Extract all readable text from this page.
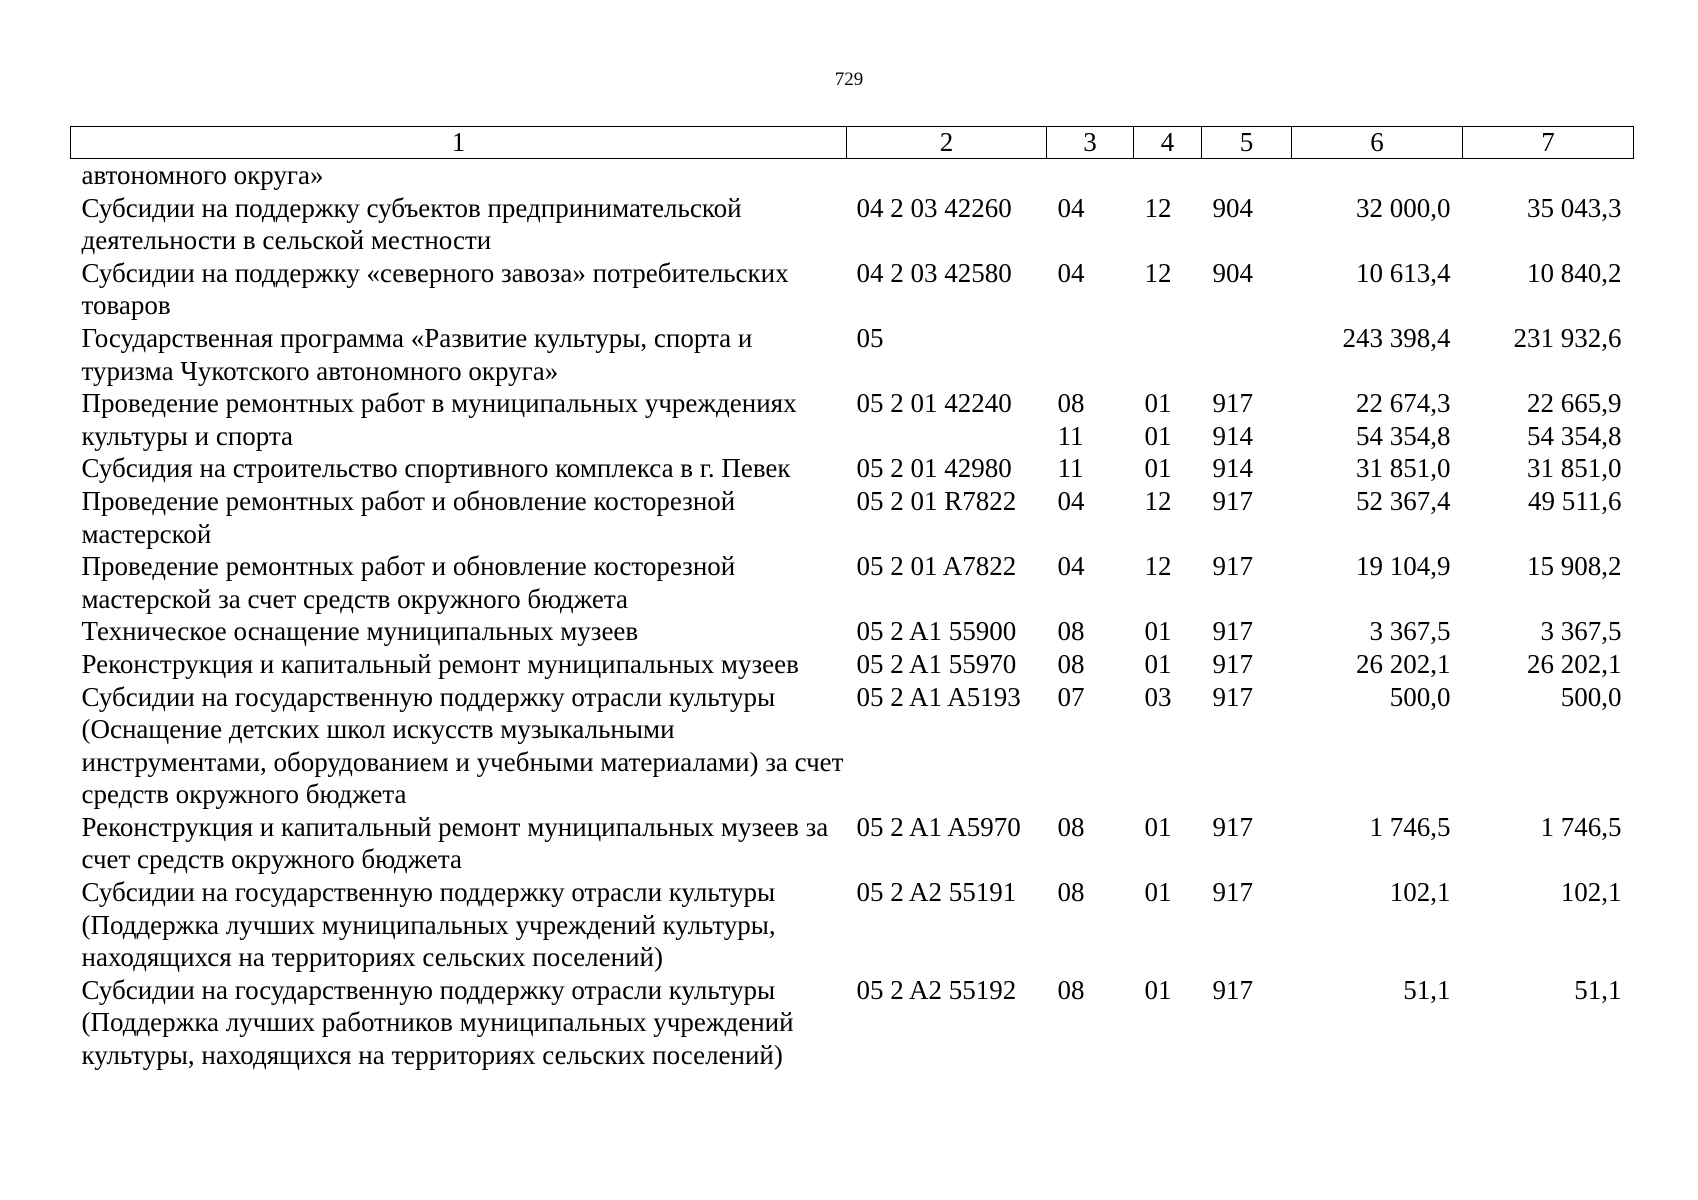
729
1	2	3	4	5	6	7
автономного округа»						
Субсидии на поддержку субъектов предпринимательской деятельности в сельской местности	04 2 03 42260	04	12	904	32 000,0	35 043,3
Субсидии на поддержку «северного завоза» потребительских товаров	04 2 03 42580	04	12	904	10 613,4	10 840,2
Государственная программа «Развитие культуры, спорта и туризма Чукотского автономного округа»	05				243 398,4	231 932,6
Проведение ремонтных работ в муниципальных учреждениях	05 2 01 42240	08	01	917	22 674,3	22 665,9
культуры и спорта		11	01	914	54 354,8	54 354,8
Субсидия на строительство спортивного комплекса в г. Певек	05 2 01 42980	11	01	914	31 851,0	31 851,0
Проведение ремонтных работ и обновление косторезной мастерской	05 2 01 R7822	04	12	917	52 367,4	49 511,6
Проведение ремонтных работ и обновление косторезной мастерской за счет средств окружного бюджета	05 2 01 A7822	04	12	917	19 104,9	15 908,2
Техническое оснащение муниципальных музеев	05 2 A1 55900	08	01	917	3 367,5	3 367,5
Реконструкция и капитальный ремонт муниципальных музеев	05 2 A1 55970	08	01	917	26 202,1	26 202,1
Субсидии на государственную поддержку отрасли культуры (Оснащение детских школ искусств музыкальными инструментами, оборудованием и учебными материалами) за счет средств окружного бюджета	05 2 A1 A5193	07	03	917	500,0	500,0
Реконструкция и капитальный ремонт муниципальных музеев за счет средств окружного бюджета	05 2 A1 A5970	08	01	917	1 746,5	1 746,5
Субсидии на государственную поддержку отрасли культуры (Поддержка лучших муниципальных учреждений культуры, находящихся на территориях сельских поселений)	05 2 A2 55191	08	01	917	102,1	102,1
Субсидии на государственную поддержку отрасли культуры (Поддержка лучших работников муниципальных учреждений культуры, находящихся на территориях сельских поселений)	05 2 A2 55192	08	01	917	51,1	51,1
